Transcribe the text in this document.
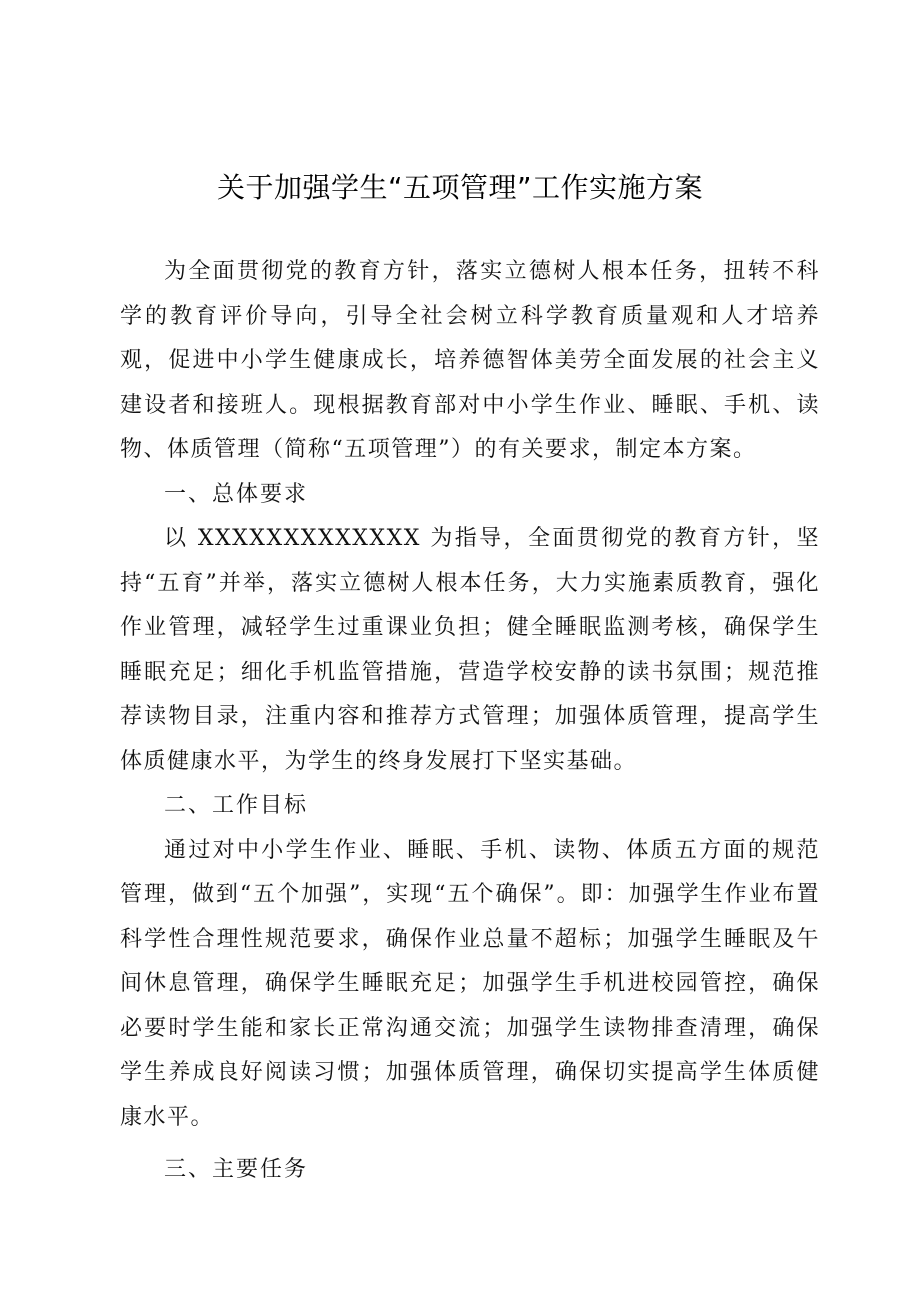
关于加强学生“五项管理”工作实施方案

为全面贯彻党的教育方针，落实立德树人根本任务，扭转不科学的教育评价导向，引导全社会树立科学教育质量观和人才培养观，促进中小学生健康成长，培养德智体美劳全面发展的社会主义建设者和接班人。现根据教育部对中小学生作业、睡眠、手机、读物、体质管理（简称“五项管理”）的有关要求，制定本方案。

一、总体要求

以 XXXXXXXXXXXXX 为指导，全面贯彻党的教育方针，坚持“五育”并举，落实立德树人根本任务，大力实施素质教育，强化作业管理，减轻学生过重课业负担；健全睡眠监测考核，确保学生睡眠充足；细化手机监管措施，营造学校安静的读书氛围；规范推荐读物目录，注重内容和推荐方式管理；加强体质管理，提高学生体质健康水平，为学生的终身发展打下坚实基础。

二、工作目标

通过对中小学生作业、睡眠、手机、读物、体质五方面的规范管理，做到“五个加强”，实现“五个确保”。即：加强学生作业布置科学性合理性规范要求，确保作业总量不超标；加强学生睡眠及午间休息管理，确保学生睡眠充足；加强学生手机进校园管控，确保必要时学生能和家长正常沟通交流；加强学生读物排查清理，确保学生养成良好阅读习惯；加强体质管理，确保切实提高学生体质健康水平。

三、主要任务
